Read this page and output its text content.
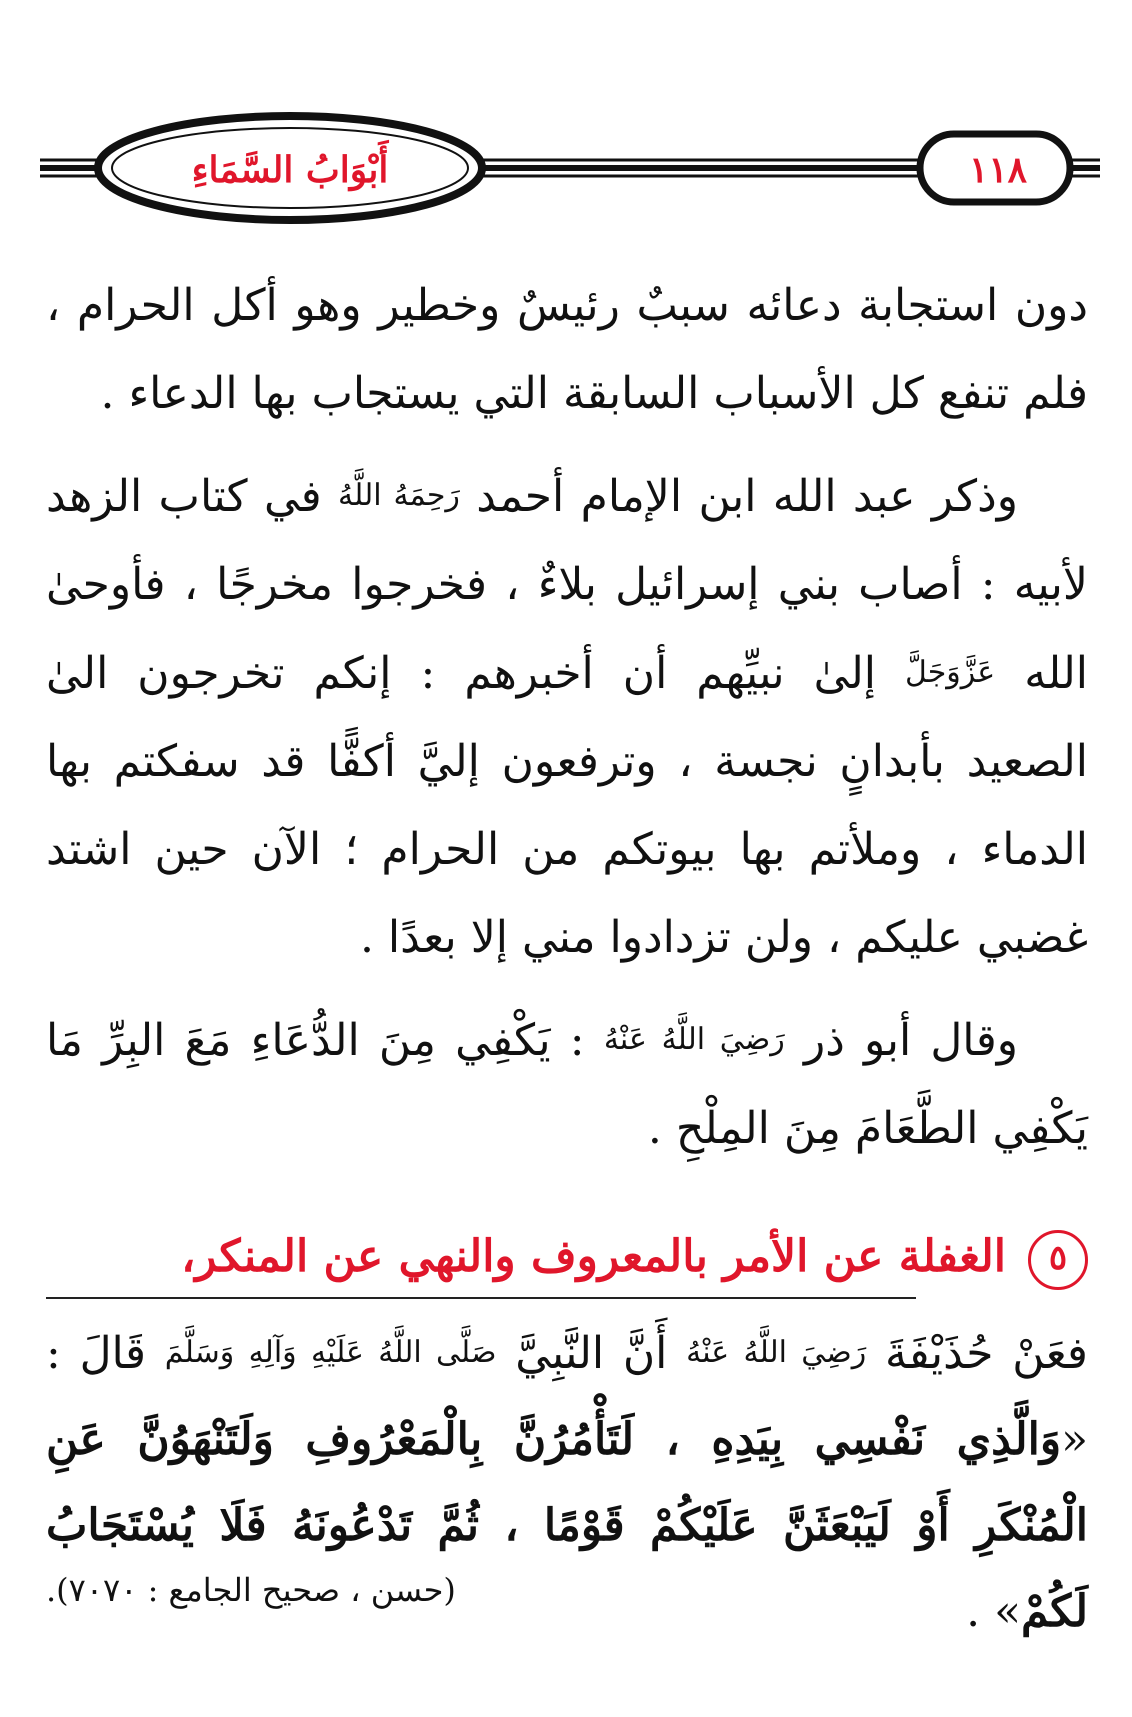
أَبْوَابُ السَّمَاءِ	١١٨

دون استجابة دعائه سببٌ رئيسٌ وخطير وهو أكل الحرام ، فلم تنفع كل الأسباب السابقة التي يستجاب بها الدعاء .

وذكر عبد الله ابن الإمام أحمد رَحِمَهُ اللَّهُ في كتاب الزهد لأبيه : أصاب بني إسرائيل بلاءٌ ، فخرجوا مخرجًا ، فأوحىٰ الله عَزَّوَجَلَّ إلىٰ نبيِّهم أن أخبرهم : إنكم تخرجون الىٰ الصعيد بأبدانٍ نجسة ، وترفعون إليَّ أكفًّا قد سفكتم بها الدماء ، وملأتم بها بيوتكم من الحرام ؛ الآن حين اشتد غضبي عليكم ، ولن تزدادوا مني إلا بعدًا .

وقال أبو ذر رَضِيَ اللَّهُ عَنْهُ : يَكْفِي مِنَ الدُّعَاءِ مَعَ البِرِّ مَا يَكْفِي الطَّعَامَ مِنَ المِلْحِ .

٥الغفلة عن الأمر بالمعروف والنهي عن المنكر،
فعَنْ حُذَيْفَةَ رَضِيَ اللَّهُ عَنْهُ أَنَّ النَّبِيَّ صَلَّى اللَّهُ عَلَيْهِ وَآلِهِ وَسَلَّمَ قَالَ : «وَالَّذِي نَفْسِي بِيَدِهِ ، لَتَأْمُرُنَّ بِالْمَعْرُوفِ وَلَتَنْهَوُنَّ عَنِ الْمُنْكَرِ أَوْ لَيَبْعَثَنَّ عَلَيْكُمْ قَوْمًا ، ثُمَّ تَدْعُونَهُ فَلَا يُسْتَجَابُ لَكُمْ» .
(حسن ، صحيح الجامع : ٧٠٧٠).
